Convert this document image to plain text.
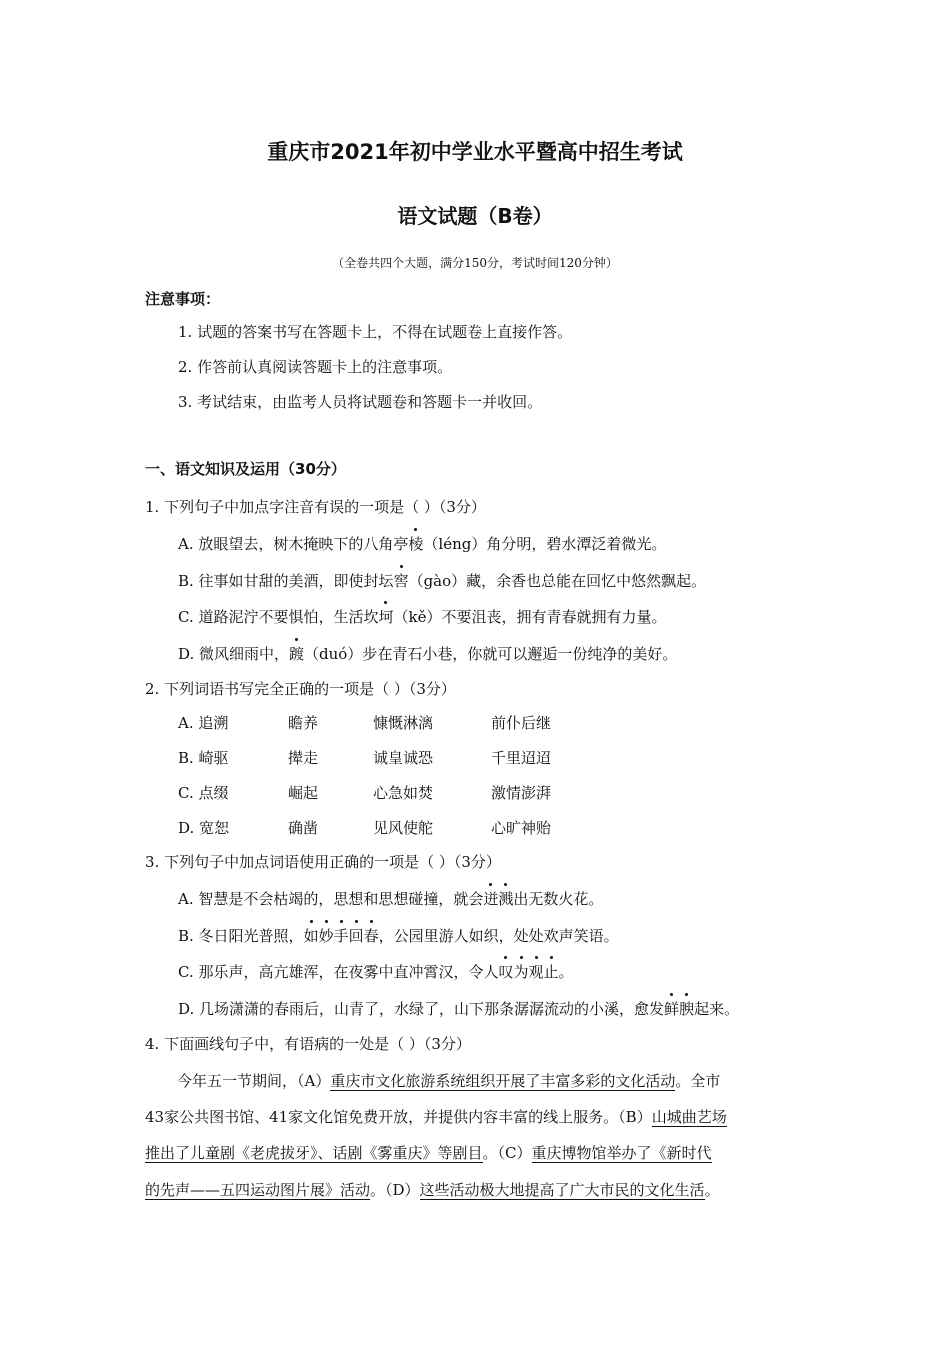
重庆市2021年初中学业水平暨高中招生考试
语文试题（B卷）
（全卷共四个大题，满分150分，考试时间120分钟）
注意事项：
1. 试题的答案书写在答题卡上，不得在试题卷上直接作答。
2. 作答前认真阅读答题卡上的注意事项。
3. 考试结束，由监考人员将试题卷和答题卡一并收回。
一、语文知识及运用（30分）
1. 下列句子中加点字注音有误的一项是（ ）（3分）
A. 放眼望去，树木掩映下的八角亭棱（léng）角分明，碧水潭泛着微光。
B. 往事如甘甜的美酒，即使封坛窖（gào）藏，余香也总能在回忆中悠然飘起。
C. 道路泥泞不要惧怕，生活坎坷（kě）不要沮丧，拥有青春就拥有力量。
D. 微风细雨中，踱（duó）步在青石小巷，你就可以邂逅一份纯净的美好。
2. 下列词语书写完全正确的一项是（ ）（3分）
A. 追溯	瞻养	慷慨淋漓	前仆后继
B. 崎驱	撵走	诚皇诚恐	千里迢迢
C. 点缀	崛起	心急如焚	激情澎湃
D. 宽恕	确凿	见风使舵	心旷神贻
3. 下列句子中加点词语使用正确的一项是（ ）（3分）
A. 智慧是不会枯竭的，思想和思想碰撞，就会迸溅出无数火花。
B. 冬日阳光普照，如妙手回春，公园里游人如织，处处欢声笑语。
C. 那乐声，高亢雄浑，在夜雾中直冲霄汉，令人叹为观止。
D. 几场潇潇的春雨后，山青了，水绿了，山下那条潺潺流动的小溪，愈发鲜腴起来。
4. 下面画线句子中，有语病的一处是（ ）（3分）
今年五一节期间，（A）重庆市文化旅游系统组织开展了丰富多彩的文化活动。全市
43家公共图书馆、41家文化馆免费开放，并提供内容丰富的线上服务。（B）山城曲艺场
推出了儿童剧《老虎拔牙》、话剧《雾重庆》等剧目。（C）重庆博物馆举办了《新时代
的先声——五四运动图片展》活动。（D）这些活动极大地提高了广大市民的文化生活。
